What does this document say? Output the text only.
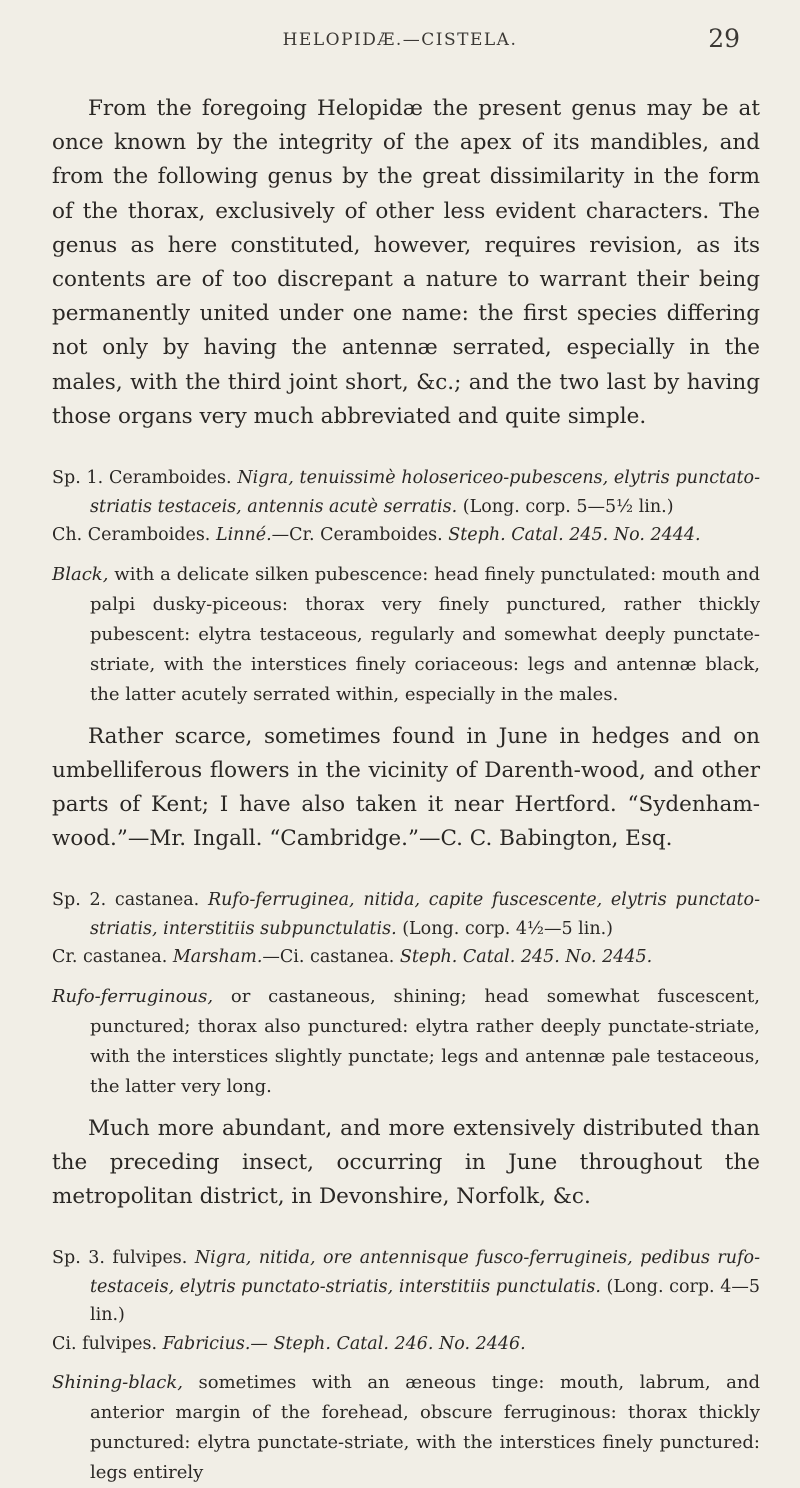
HELOPIDÆ.—CISTELA.	29

From the foregoing Helopidæ the present genus may be at once known by the integrity of the apex of its mandibles, and from the following genus by the great dissimilarity in the form of the thorax, exclusively of other less evident characters. The genus as here constituted, however, requires revision, as its contents are of too discrepant a nature to warrant their being permanently united under one name: the first species differing not only by having the antennæ serrated, especially in the males, with the third joint short, &c.; and the two last by having those organs very much abbreviated and quite simple.

Sp. 1. Ceramboides. Nigra, tenuissimè holosericeo-pubescens, elytris punctato-striatis testaceis, antennis acutè serratis. (Long. corp. 5—5½ lin.)

Ch. Ceramboides. Linné.—Cr. Ceramboides. Steph. Catal. 245. No. 2444.

Black, with a delicate silken pubescence: head finely punctulated: mouth and palpi dusky-piceous: thorax very finely punctured, rather thickly pubescent: elytra testaceous, regularly and somewhat deeply punctate-striate, with the interstices finely coriaceous: legs and antennæ black, the latter acutely serrated within, especially in the males.

Rather scarce, sometimes found in June in hedges and on umbelliferous flowers in the vicinity of Darenth-wood, and other parts of Kent; I have also taken it near Hertford. “Sydenham-wood.”—Mr. Ingall. “Cambridge.”—C. C. Babington, Esq.

Sp. 2. castanea. Rufo-ferruginea, nitida, capite fuscescente, elytris punctato-striatis, interstitiis subpunctulatis. (Long. corp. 4½—5 lin.)

Cr. castanea. Marsham.—Ci. castanea. Steph. Catal. 245. No. 2445.

Rufo-ferruginous, or castaneous, shining; head somewhat fuscescent, punctured; thorax also punctured: elytra rather deeply punctate-striate, with the interstices slightly punctate; legs and antennæ pale testaceous, the latter very long.

Much more abundant, and more extensively distributed than the preceding insect, occurring in June throughout the metropolitan district, in Devonshire, Norfolk, &c.

Sp. 3. fulvipes. Nigra, nitida, ore antennisque fusco-ferrugineis, pedibus rufo-testaceis, elytris punctato-striatis, interstitiis punctulatis. (Long. corp. 4—5 lin.)

Ci. fulvipes. Fabricius.— Steph. Catal. 246. No. 2446.

Shining-black, sometimes with an æneous tinge: mouth, labrum, and anterior margin of the forehead, obscure ferruginous: thorax thickly punctured: elytra punctate-striate, with the interstices finely punctured: legs entirely
